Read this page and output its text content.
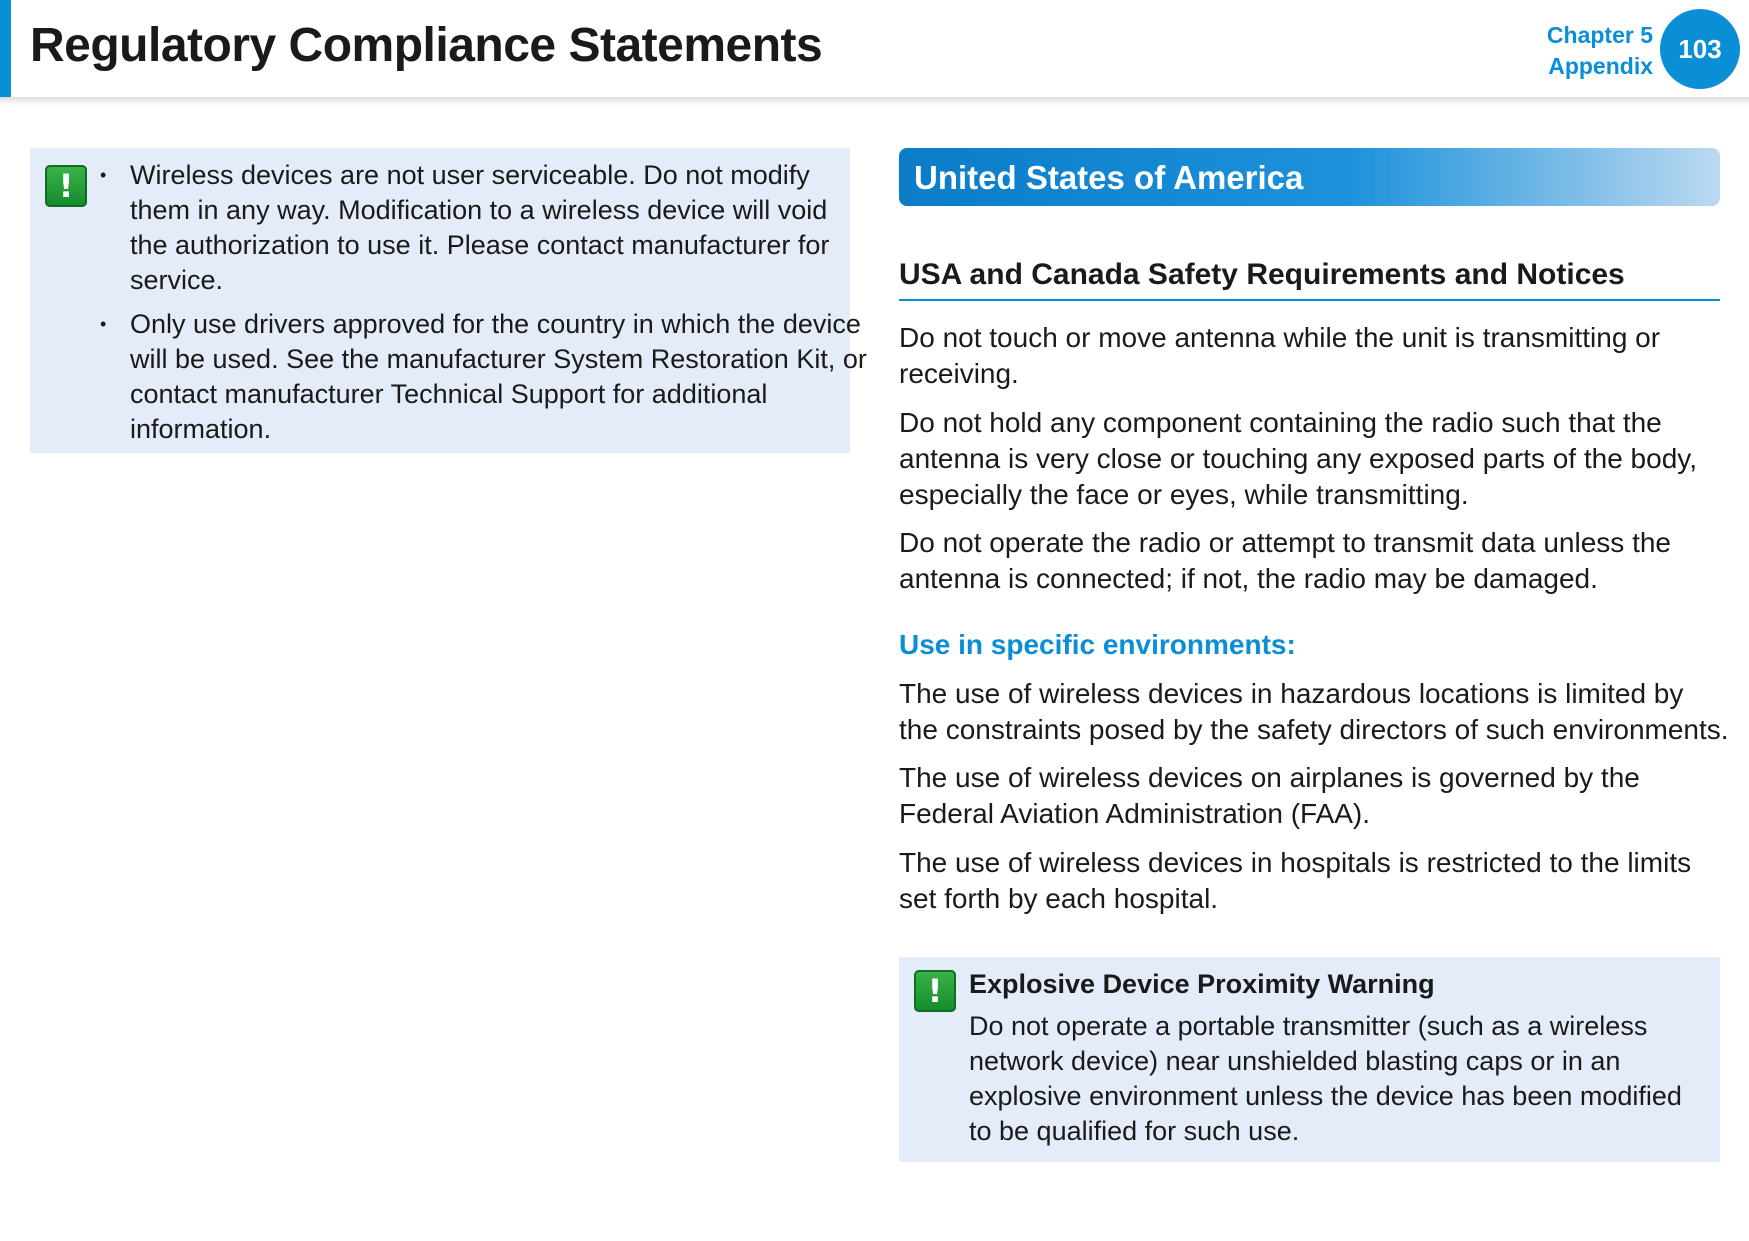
Regulatory Compliance Statements	Chapter 5
Appendix
103
!	• Wireless devices are not user serviceable. Do not modify them in any way. Modification to a wireless device will void the authorization to use it. Please contact manufacturer for service.
• Only use drivers approved for the country in which the device will be used. See the manufacturer System Restoration Kit, or contact manufacturer Technical Support for additional information.
United States of America
USA and Canada Safety Requirements and Notices

Do not touch or move antenna while the unit is transmitting or receiving.

Do not hold any component containing the radio such that the antenna is very close or touching any exposed parts of the body, especially the face or eyes, while transmitting.

Do not operate the radio or attempt to transmit data unless the antenna is connected; if not, the radio may be damaged.

Use in specific environments:

The use of wireless devices in hazardous locations is limited by the constraints posed by the safety directors of such environments.

The use of wireless devices on airplanes is governed by the Federal Aviation Administration (FAA).

The use of wireless devices in hospitals is restricted to the limits set forth by each hospital.

! Explosive Device Proximity Warning
Do not operate a portable transmitter (such as a wireless network device) near unshielded blasting caps or in an explosive environment unless the device has been modified to be qualified for such use.
